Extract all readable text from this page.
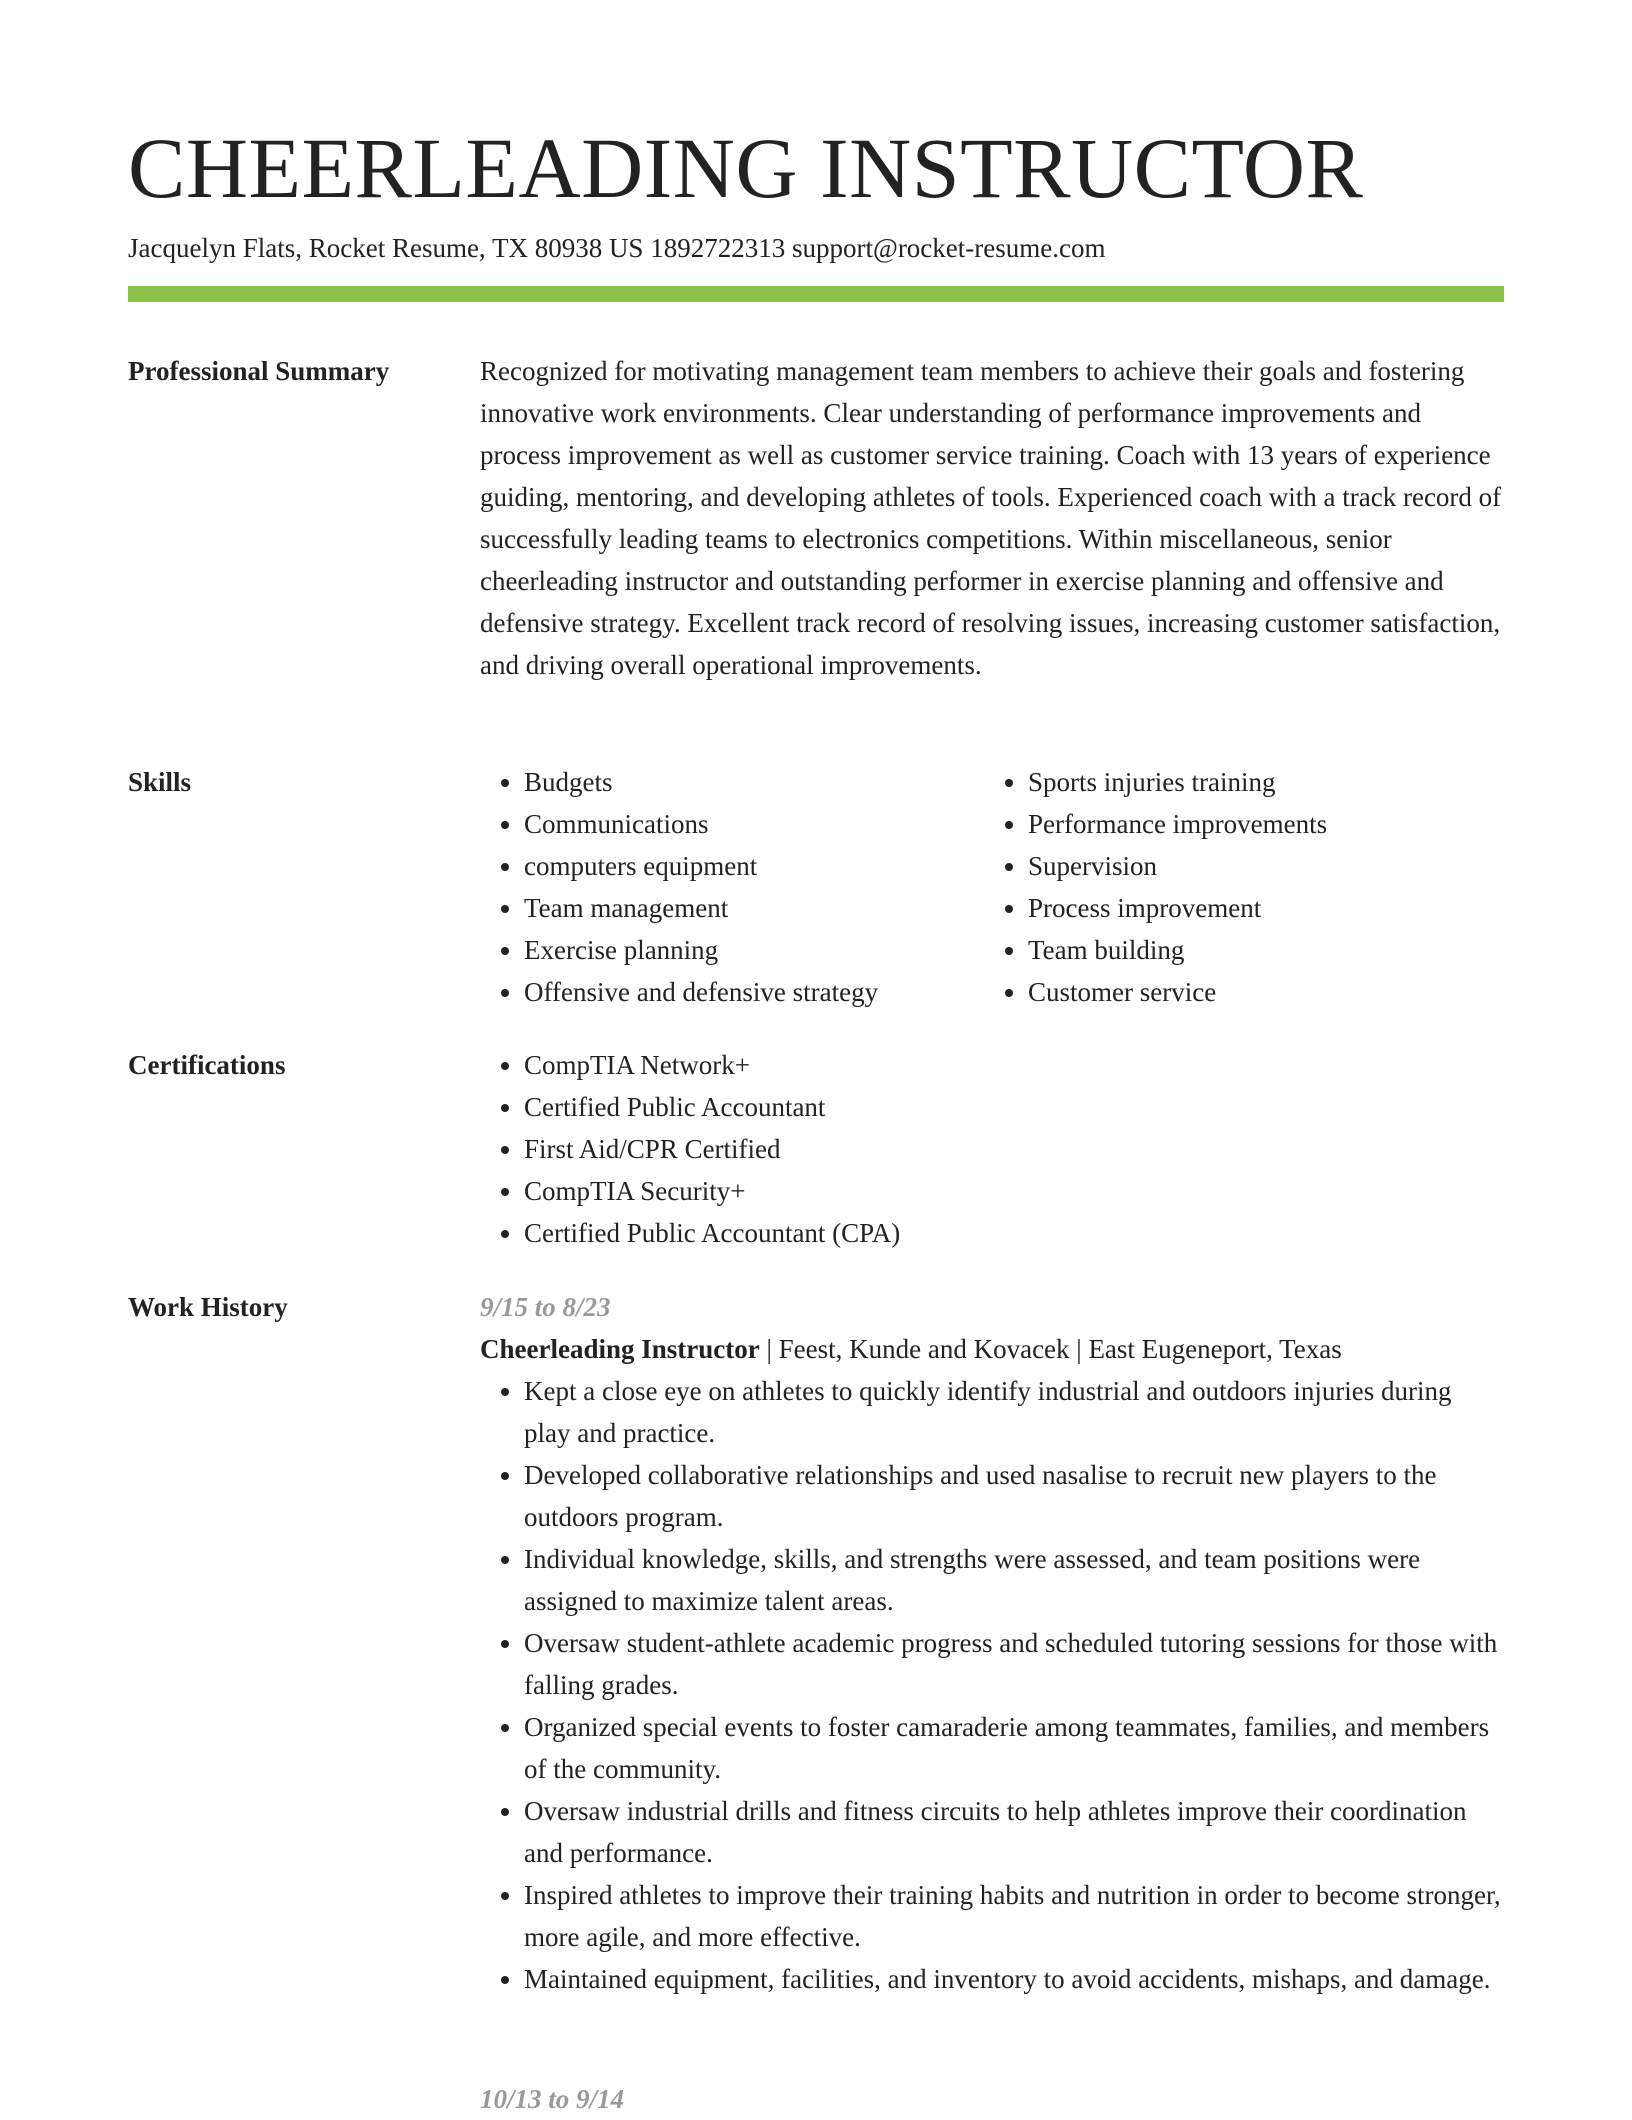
CHEERLEADING INSTRUCTOR
Jacquelyn Flats, Rocket Resume, TX 80938 US 1892722313 support@rocket-resume.com
Professional Summary	Recognized for motivating management team members to achieve their goals and fostering innovative work environments. Clear understanding of performance improvements and process improvement as well as customer service training. Coach with 13 years of experience guiding, mentoring, and developing athletes of tools. Experienced coach with a track record of successfully leading teams to electronics competitions. Within miscellaneous, senior cheerleading instructor and outstanding performer in exercise planning and offensive and defensive strategy. Excellent track record of resolving issues, increasing customer satisfaction, and driving overall operational improvements.

Skills	• Budgets
• Communications
• computers equipment
• Team management
• Exercise planning
• Offensive and defensive strategy
• Sports injuries training
• Performance improvements
• Supervision
• Process improvement
• Team building
• Customer service
Certifications	• CompTIA Network+
• Certified Public Accountant
• First Aid/CPR Certified
• CompTIA Security+
• Certified Public Accountant (CPA)
Work History	9/15 to 8/23
Cheerleading Instructor | Feest, Kunde and Kovacek | East Eugeneport, Texas
• Kept a close eye on athletes to quickly identify industrial and outdoors injuries during play and practice.
• Developed collaborative relationships and used nasalise to recruit new players to the outdoors program.
• Individual knowledge, skills, and strengths were assessed, and team positions were assigned to maximize talent areas.
• Oversaw student-athlete academic progress and scheduled tutoring sessions for those with falling grades.
• Organized special events to foster camaraderie among teammates, families, and members of the community.
• Oversaw industrial drills and fitness circuits to help athletes improve their coordination and performance.
• Inspired athletes to improve their training habits and nutrition in order to become stronger, more agile, and more effective.
• Maintained equipment, facilities, and inventory to avoid accidents, mishaps, and damage.
10/13 to 9/14
